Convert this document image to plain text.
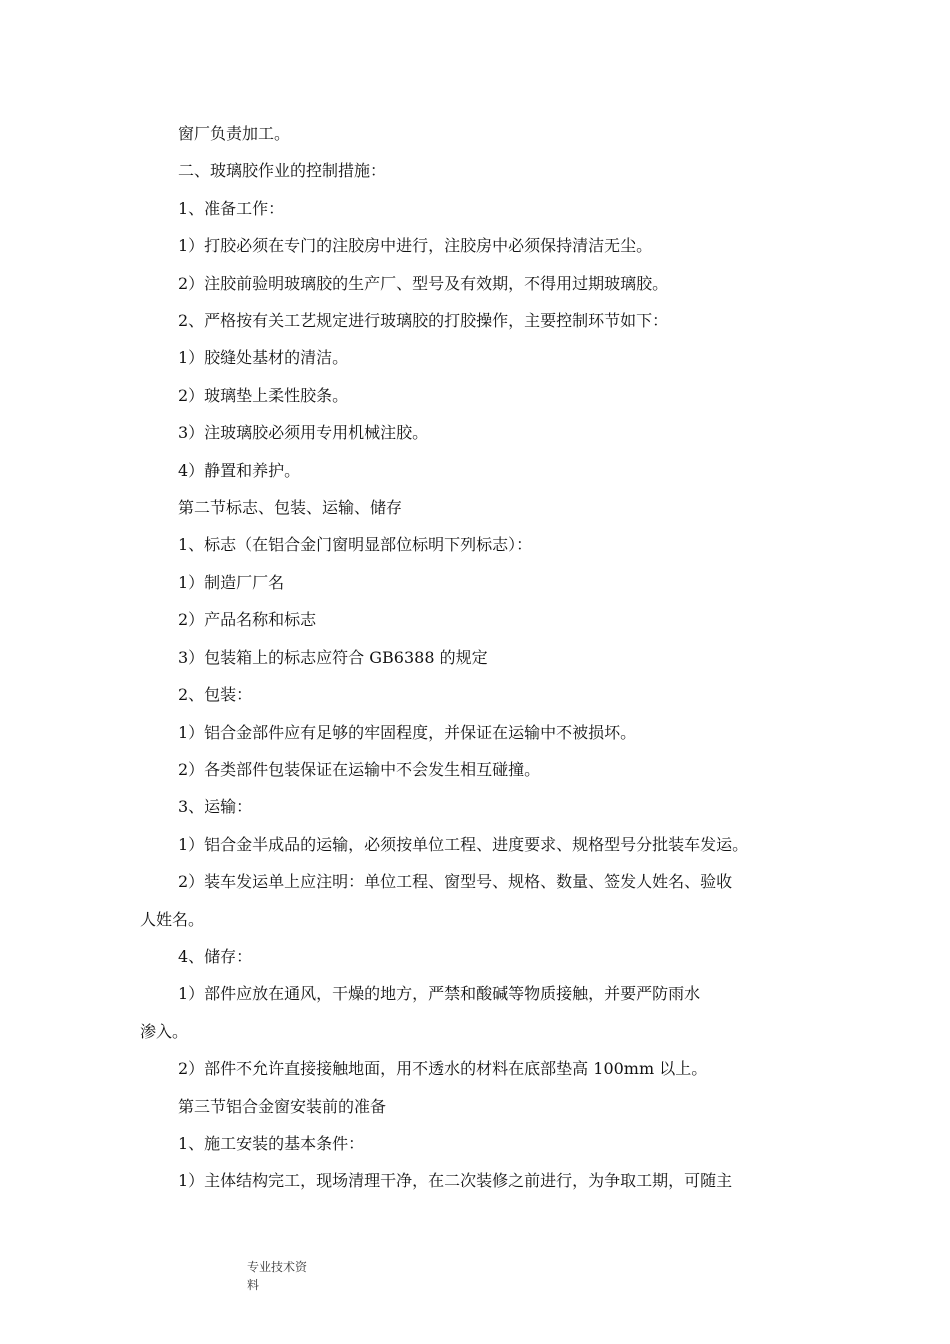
窗厂负责加工。
二、玻璃胶作业的控制措施：
1、准备工作：
1）打胶必须在专门的注胶房中进行，注胶房中必须保持清洁无尘。
2）注胶前验明玻璃胶的生产厂、型号及有效期，不得用过期玻璃胶。
2、严格按有关工艺规定进行玻璃胶的打胶操作，主要控制环节如下：
1）胶缝处基材的清洁。
2）玻璃垫上柔性胶条。
3）注玻璃胶必须用专用机械注胶。
4）静置和养护。
第二节标志、包装、运输、储存
1、标志（在铝合金门窗明显部位标明下列标志）：
1）制造厂厂名
2）产品名称和标志
3）包装箱上的标志应符合 GB6388 的规定
2、包装：
1）铝合金部件应有足够的牢固程度，并保证在运输中不被损坏。
2）各类部件包装保证在运输中不会发生相互碰撞。
3、运输：
1）铝合金半成品的运输，必须按单位工程、进度要求、规格型号分批装车发运。
2）装车发运单上应注明：单位工程、窗型号、规格、数量、签发人姓名、验收
人姓名。
4、储存：
1）部件应放在通风，干燥的地方，严禁和酸碱等物质接触，并要严防雨水
渗入。
2）部件不允许直接接触地面，用不透水的材料在底部垫高 100mm 以上。
第三节铝合金窗安装前的准备
1、施工安装的基本条件：
1）主体结构完工，现场清理干净，在二次装修之前进行，为争取工期，可随主
专业技术资
料
